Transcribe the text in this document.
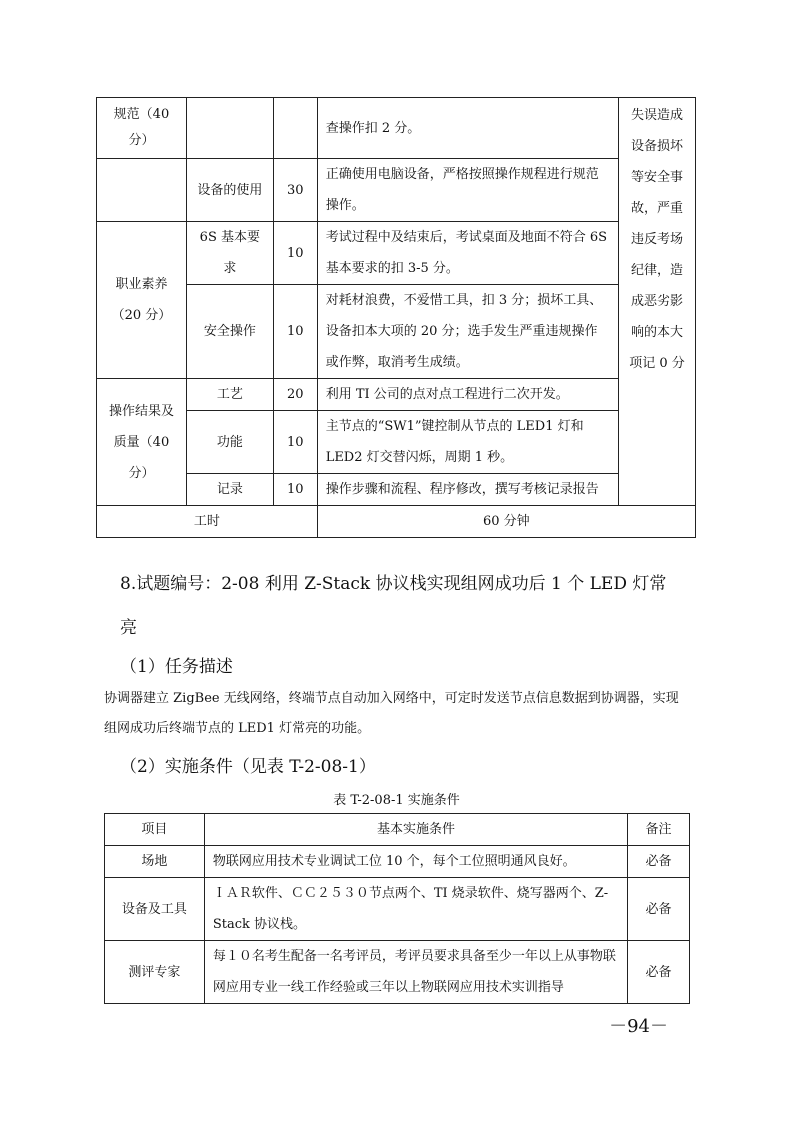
规范（40分）			查操作扣 2 分。	失误造成设备损坏等安全事故，严重违反考场纪律，造成恶劣影响的本大项记 0 分
	设备的使用	30	正确使用电脑设备，严格按照操作规程进行规范操作。	
职业素养（20 分）	6S 基本要求	10	考试过程中及结束后，考试桌面及地面不符合 6S 基本要求的扣 3-5 分。	
	安全操作	10	对耗材浪费，不爱惜工具，扣 3 分；损坏工具、设备扣本大项的 20 分；选手发生严重违规操作或作弊，取消考生成绩。	
操作结果及质量（40分）	工艺	20	利用 TI 公司的点对点工程进行二次开发。	
	功能	10	主节点的“SW1”键控制从节点的 LED1 灯和 LED2 灯交替闪烁，周期 1 秒。	
	记录	10	操作步骤和流程、程序修改，撰写考核记录报告	
工时			60 分钟	
8.试题编号：2-08 利用 Z-Stack 协议栈实现组网成功后 1 个 LED 灯常亮
（1）任务描述
协调器建立 ZigBee 无线网络，终端节点自动加入网络中，可定时发送节点信息数据到协调器，实现组网成功后终端节点的 LED1 灯常亮的功能。
（2）实施条件（见表 T-2-08-1）
表 T-2-08-1 实施条件
项目	基本实施条件	备注
场地	物联网应用技术专业调试工位 10 个，每个工位照明通风良好。	必备
设备及工具	ＩＡＲ软件、ＣＣ２５３０节点两个、TI 烧录软件、烧写器两个、Z-Stack 协议栈。	必备
测评专家	每１０名考生配备一名考评员，考评员要求具备至少一年以上从事物联网应用专业一线工作经验或三年以上物联网应用技术实训指导	必备
－94－
